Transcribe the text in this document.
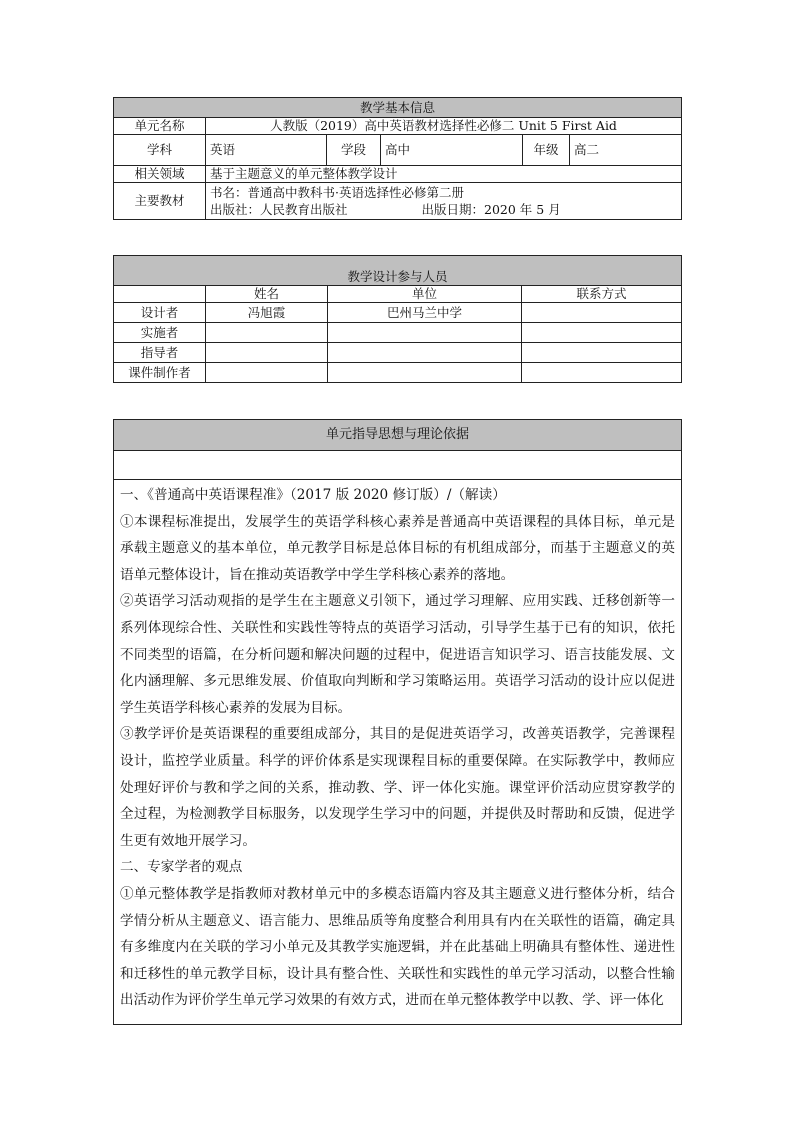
教学基本信息					
单元名称	人教版（2019）高中英语教材选择性必修二 Unit 5 First Aid				
学科	英语	学段	高中	年级	高二
相关领域	基于主题意义的单元整体教学设计				
主要教材	书名：普通高中教科书·英语选择性必修第二册
出版社：人民教育出版社 出版日期：2020 年 5 月				
教学设计参与人员			
	姓名	单位	联系方式
设计者	冯旭霞	巴州马兰中学	
实施者			
指导者			
课件制作者			
单元指导思想与理论依据

一、《普通高中英语课程准》（2017 版 2020 修订版）/（解读）

①本课程标准提出，发展学生的英语学科核心素养是普通高中英语课程的具体目标，单元是承载主题意义的基本单位，单元教学目标是总体目标的有机组成部分，而基于主题意义的英语单元整体设计，旨在推动英语教学中学生学科核心素养的落地。

②英语学习活动观指的是学生在主题意义引领下，通过学习理解、应用实践、迁移创新等一系列体现综合性、关联性和实践性等特点的英语学习活动，引导学生基于已有的知识，依托不同类型的语篇，在分析问题和解决问题的过程中，促进语言知识学习、语言技能发展、文化内涵理解、多元思维发展、价值取向判断和学习策略运用。英语学习活动的设计应以促进学生英语学科核心素养的发展为目标。

③教学评价是英语课程的重要组成部分，其目的是促进英语学习，改善英语教学，完善课程设计，监控学业质量。科学的评价体系是实现课程目标的重要保障。在实际教学中，教师应处理好评价与教和学之间的关系，推动教、学、评一体化实施。课堂评价活动应贯穿教学的全过程，为检测教学目标服务，以发现学生学习中的问题，并提供及时帮助和反馈，促进学生更有效地开展学习。

二、专家学者的观点

①单元整体教学是指教师对教材单元中的多模态语篇内容及其主题意义进行整体分析，结合学情分析从主题意义、语言能力、思维品质等角度整合利用具有内在关联性的语篇，确定具有多维度内在关联的学习小单元及其教学实施逻辑，并在此基础上明确具有整体性、递进性和迁移性的单元教学目标，设计具有整合性、关联性和实践性的单元学习活动，以整合性输出活动作为评价学生单元学习效果的有效方式，进而在单元整体教学中以教、学、评一体化
